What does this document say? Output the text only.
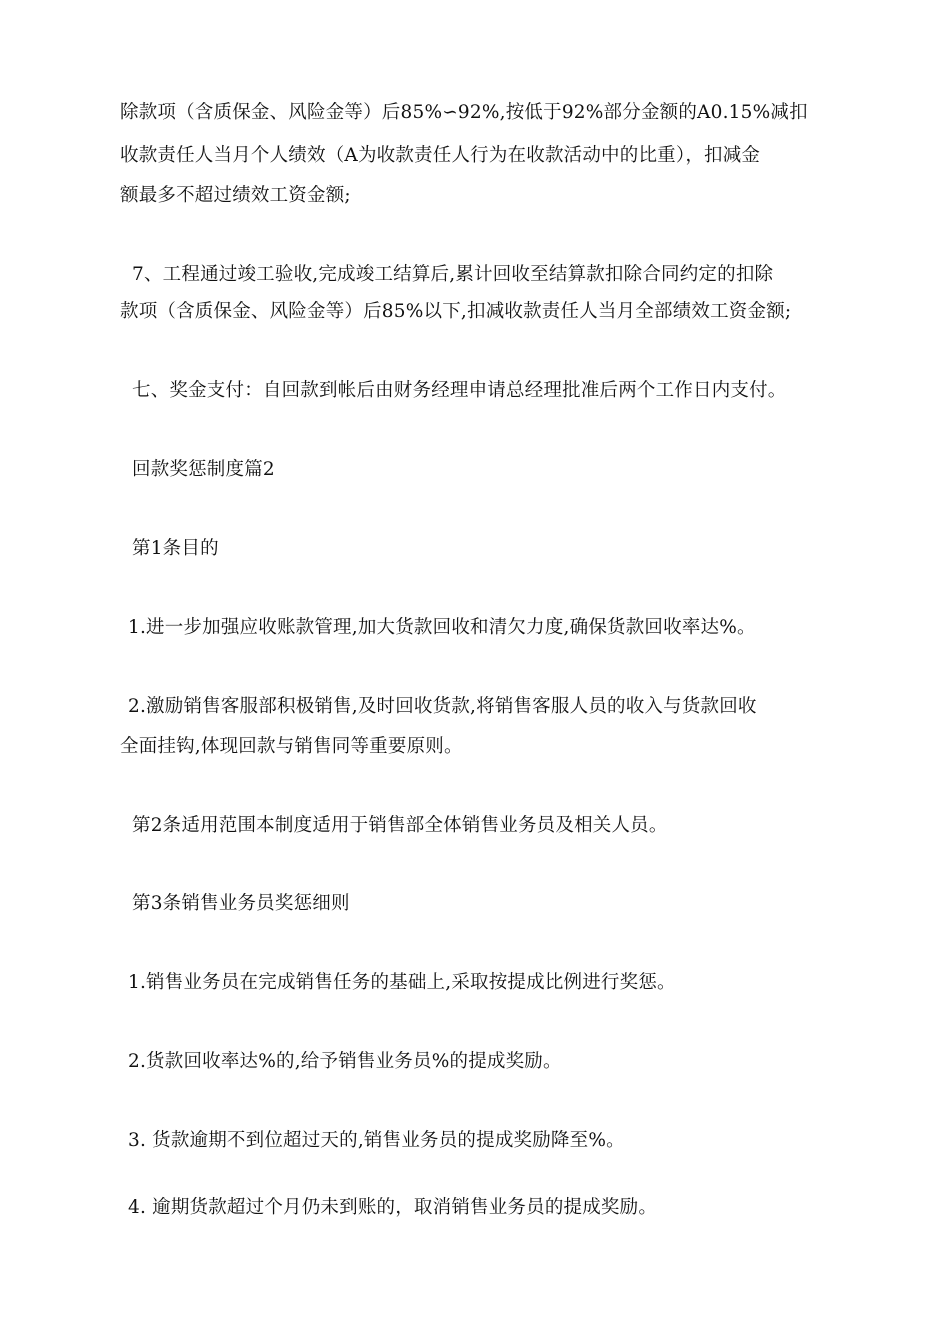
除款项（含质保金、风险金等）后85%∽92%,按低于92%部分金额的A0.15%减扣
收款责任人当月个人绩效（A为收款责任人行为在收款活动中的比重），扣减金
额最多不超过绩效工资金额;
7、工程通过竣工验收,完成竣工结算后,累计回收至结算款扣除合同约定的扣除
款项（含质保金、风险金等）后85%以下,扣减收款责任人当月全部绩效工资金额;
七、奖金支付：自回款到帐后由财务经理申请总经理批准后两个工作日内支付。
回款奖惩制度篇2
第1条目的
1.进一步加强应收账款管理,加大货款回收和清欠力度,确保货款回收率达%。
2.激励销售客服部积极销售,及时回收货款,将销售客服人员的收入与货款回收
全面挂钩,体现回款与销售同等重要原则。
第2条适用范围本制度适用于销售部全体销售业务员及相关人员。
第3条销售业务员奖惩细则
1.销售业务员在完成销售任务的基础上,采取按提成比例进行奖惩。
2.货款回收率达%的,给予销售业务员%的提成奖励。
3. 货款逾期不到位超过天的,销售业务员的提成奖励降至%。
4. 逾期货款超过个月仍未到账的，取消销售业务员的提成奖励。
